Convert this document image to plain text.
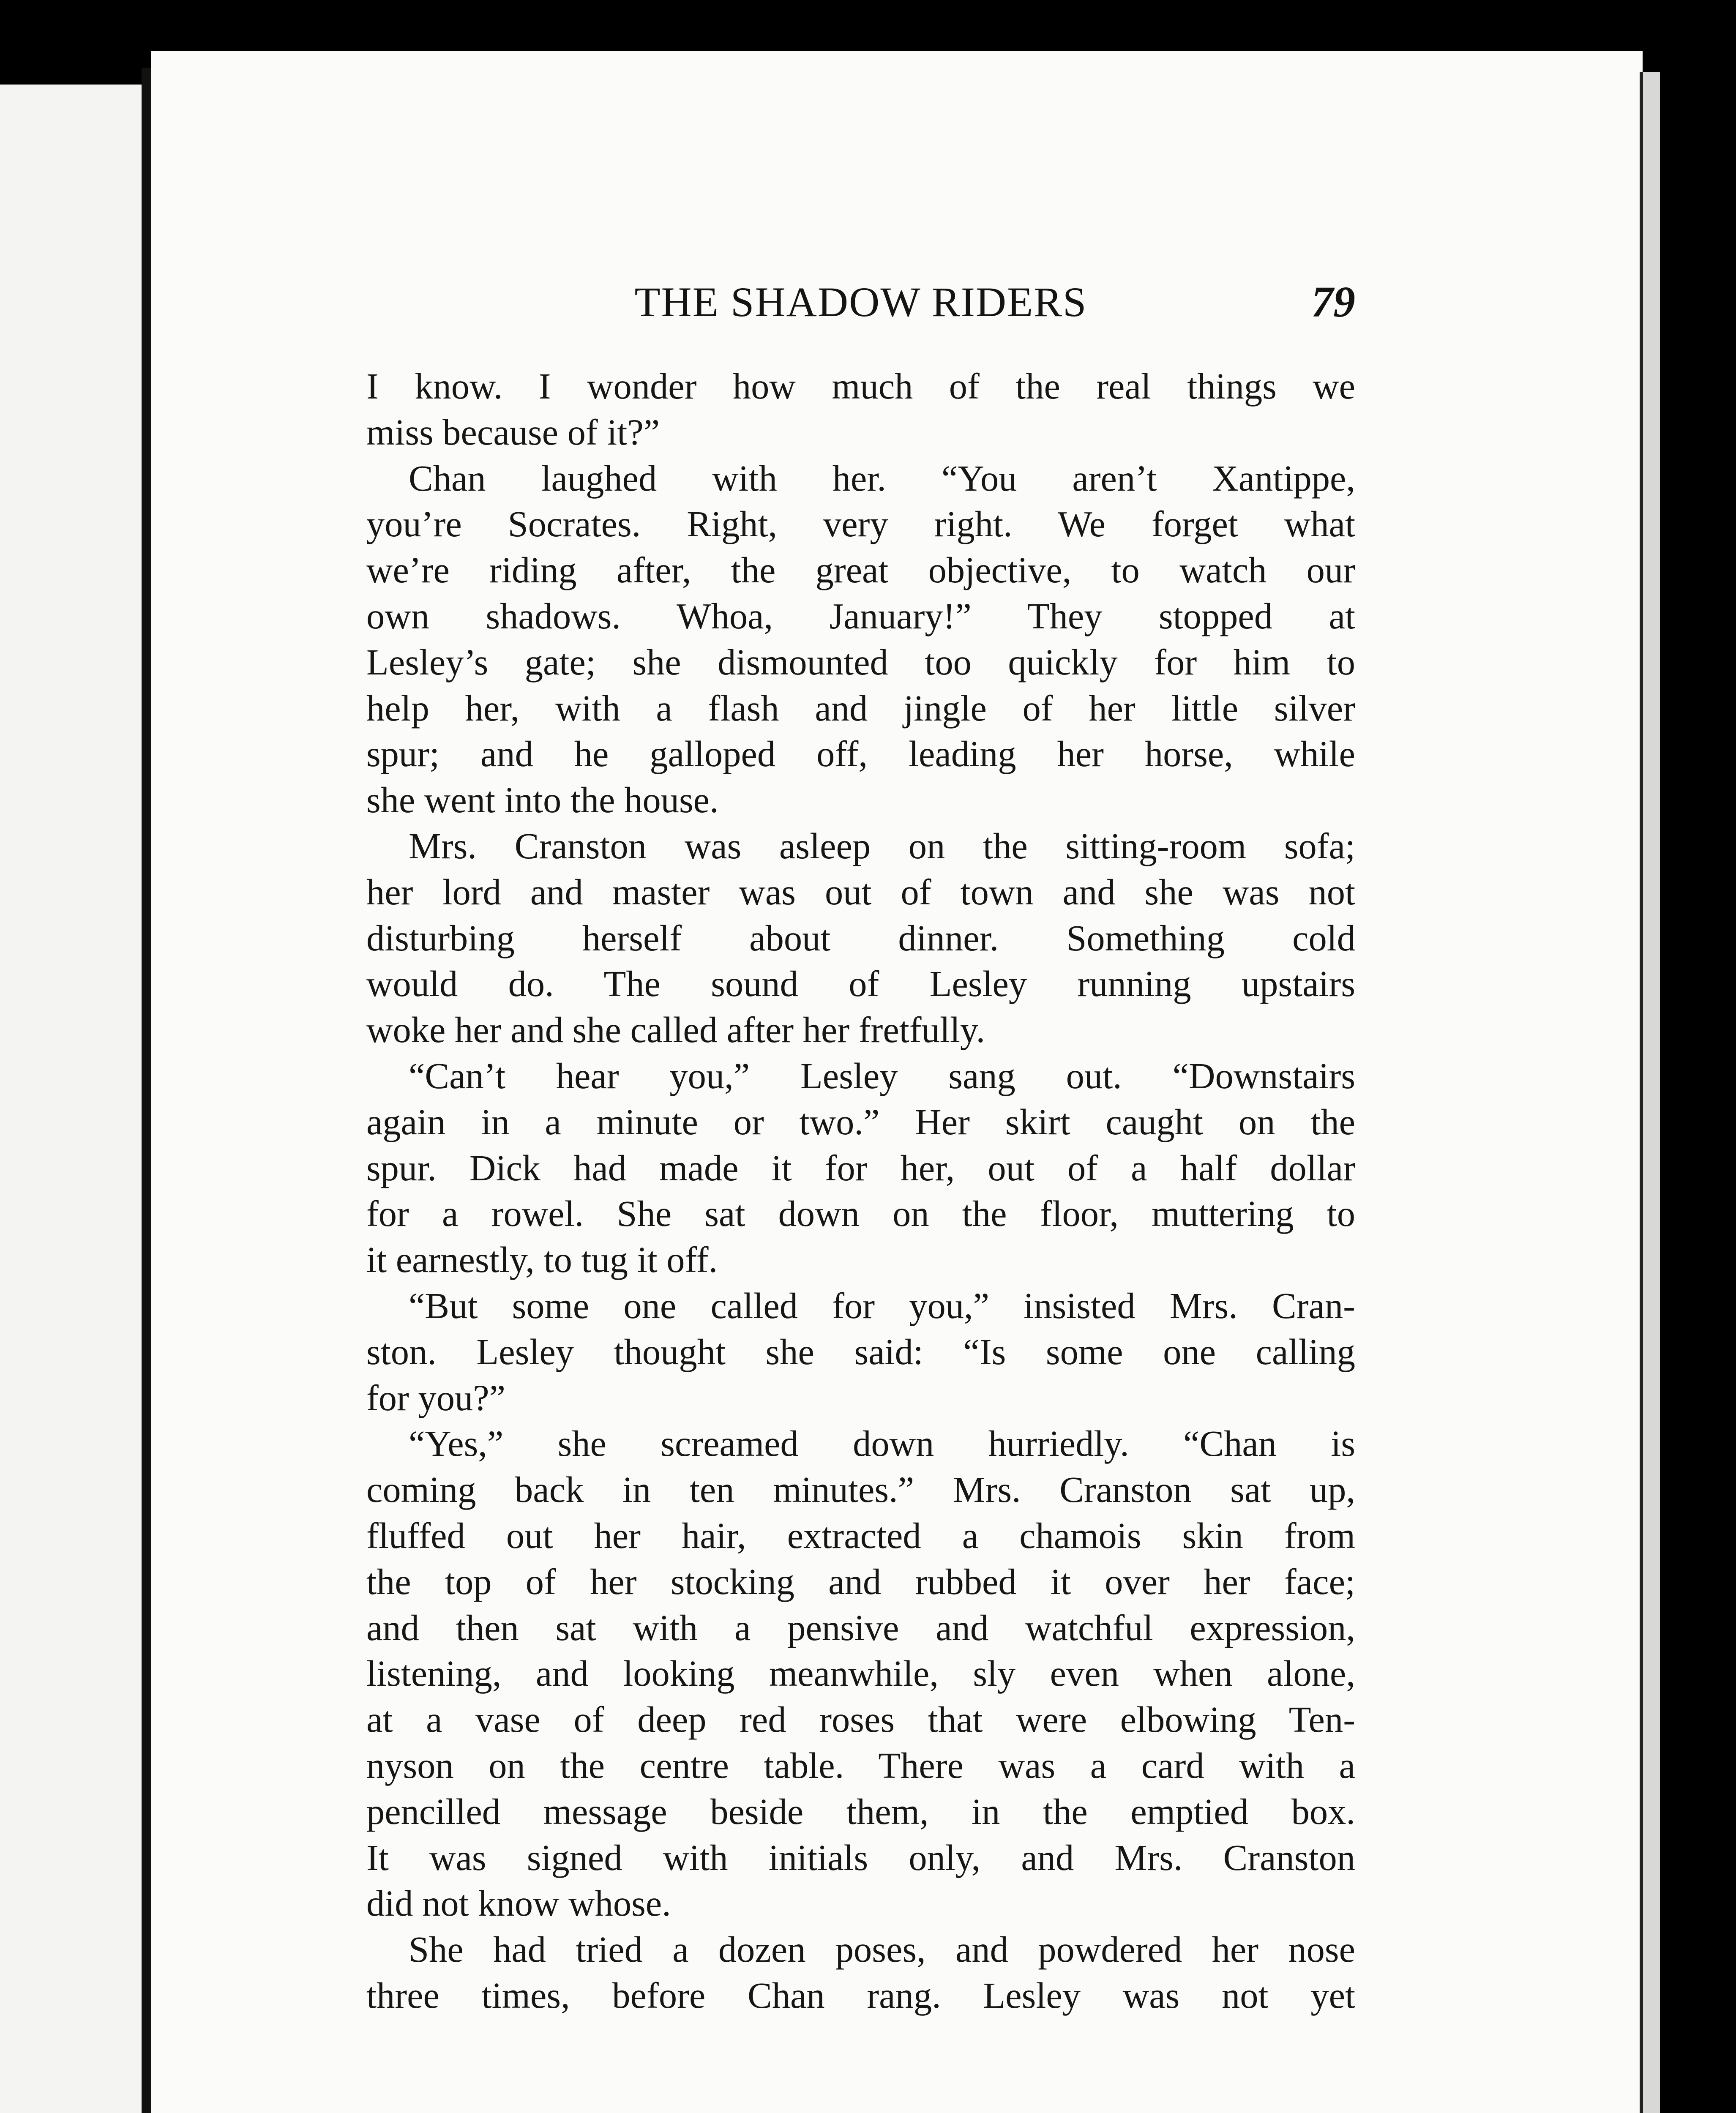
THE SHADOW RIDERS	79
I know. I wonder how much of the real things we
miss because of it?”
Chan laughed with her. “You aren’t Xantippe,
you’re Socrates. Right, very right. We forget what
we’re riding after, the great objective, to watch our
own shadows. Whoa, January!” They stopped at
Lesley’s gate; she dismounted too quickly for him to
help her, with a flash and jingle of her little silver
spur; and he galloped off, leading her horse, while
she went into the house.
Mrs. Cranston was asleep on the sitting-room sofa;
her lord and master was out of town and she was not
disturbing herself about dinner. Something cold
would do. The sound of Lesley running upstairs
woke her and she called after her fretfully.
“Can’t hear you,” Lesley sang out. “Downstairs
again in a minute or two.” Her skirt caught on the
spur. Dick had made it for her, out of a half dollar
for a rowel. She sat down on the floor, muttering to
it earnestly, to tug it off.
“But some one called for you,” insisted Mrs. Cran-
ston. Lesley thought she said: “Is some one calling
for you?”
“Yes,” she screamed down hurriedly. “Chan is
coming back in ten minutes.” Mrs. Cranston sat up,
fluffed out her hair, extracted a chamois skin from
the top of her stocking and rubbed it over her face;
and then sat with a pensive and watchful expression,
listening, and looking meanwhile, sly even when alone,
at a vase of deep red roses that were elbowing Ten-
nyson on the centre table. There was a card with a
pencilled message beside them, in the emptied box.
It was signed with initials only, and Mrs. Cranston
did not know whose.
She had tried a dozen poses, and powdered her nose
three times, before Chan rang. Lesley was not yet
